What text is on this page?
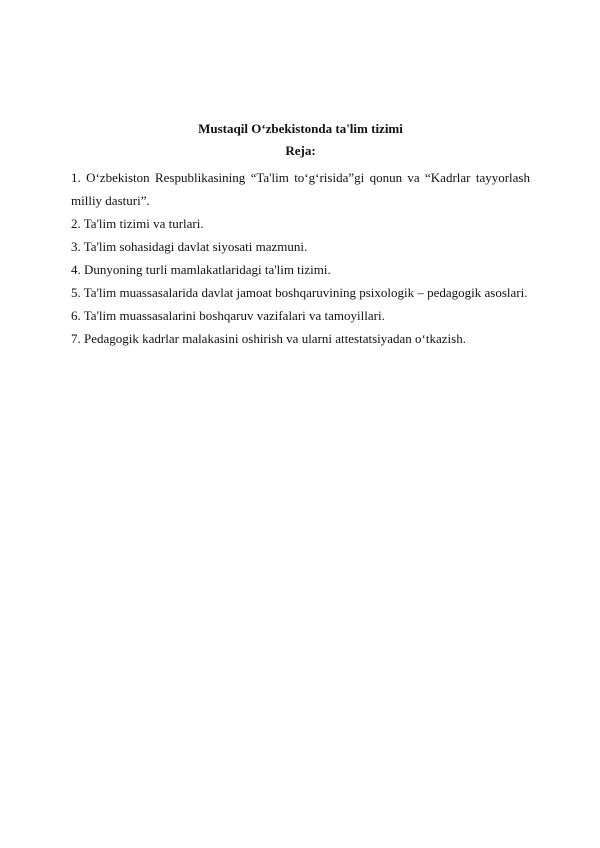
Mustaqil O‘zbekistonda ta'lim tizimi

Reja:

1. O‘zbekiston Respublikasining “Ta'lim to‘g‘risida”gi qonun va “Kadrlar tayyorlash milliy dasturi”.
2. Ta'lim tizimi va turlari.
3. Ta'lim sohasidagi davlat siyosati mazmuni.
4. Dunyoning turli mamlakatlaridagi ta'lim tizimi.
5. Ta'lim muassasalarida davlat jamoat boshqaruvining psixologik – pedagogik asoslari.
6. Ta'lim muassasalarini boshqaruv vazifalari va tamoyillari.
7. Pedagogik kadrlar malakasini oshirish va ularni attestatsiyadan o‘tkazish.
